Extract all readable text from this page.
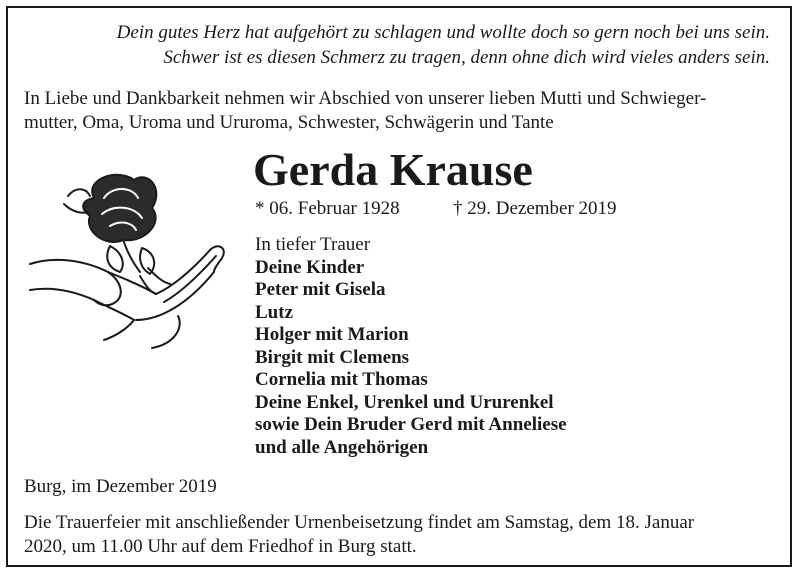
Dein gutes Herz hat aufgehört zu schlagen und wollte doch so gern noch bei uns sein.
Schwer ist es diesen Schmerz zu tragen, denn ohne dich wird vieles anders sein.
In Liebe und Dankbarkeit nehmen wir Abschied von unserer lieben Mutti und Schwieger-
mutter, Oma, Uroma und Ururoma, Schwester, Schwägerin und Tante
Gerda Krause
* 06. Februar 1928	† 29. Dezember 2019
In tiefer Trauer
Deine Kinder
Peter mit Gisela
Lutz
Holger mit Marion
Birgit mit Clemens
Cornelia mit Thomas
Deine Enkel, Urenkel und Ururenkel
sowie Dein Bruder Gerd mit Anneliese
und alle Angehörigen
Burg, im Dezember 2019
Die Trauerfeier mit anschließender Urnenbeisetzung findet am Samstag, dem 18. Januar
2020, um 11.00 Uhr auf dem Friedhof in Burg statt.
